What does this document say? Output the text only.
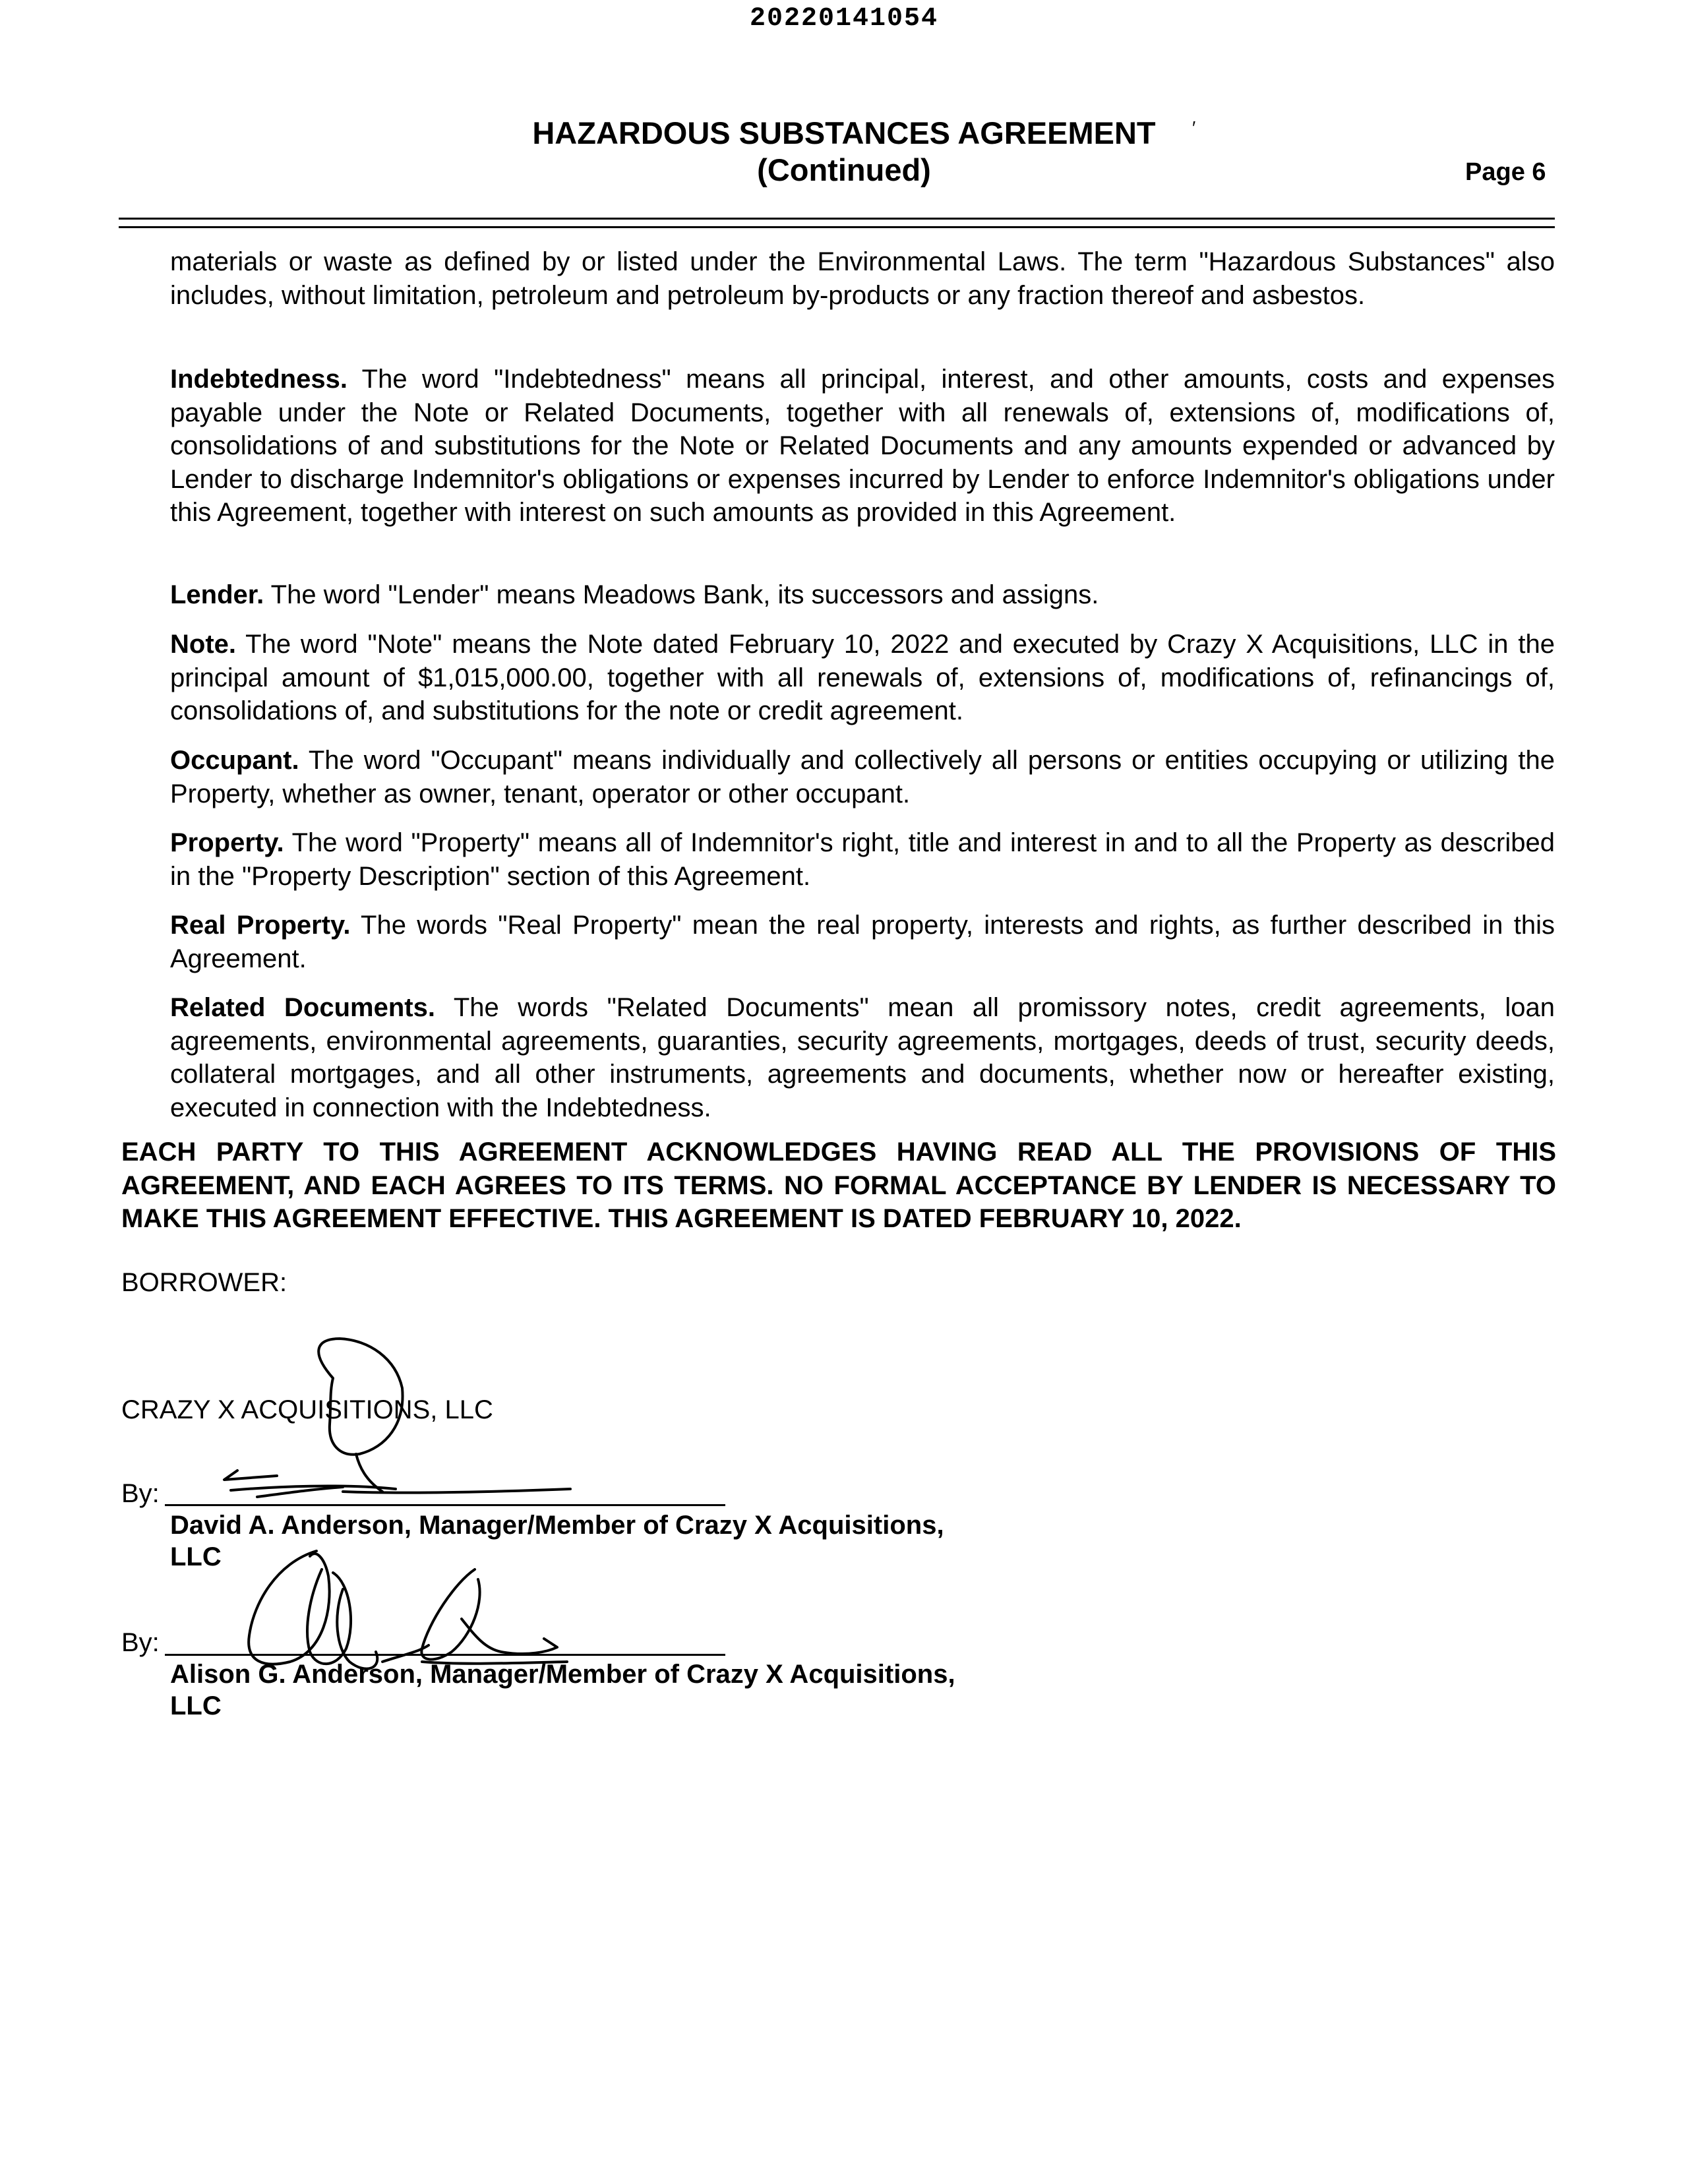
20220141054
HAZARDOUS SUBSTANCES AGREEMENT
(Continued)
′
Page 6

materials or waste as defined by or listed under the Environmental Laws. The term "Hazardous Substances" also includes, without limitation, petroleum and petroleum by-products or any fraction thereof and asbestos.

Indebtedness. The word "Indebtedness" means all principal, interest, and other amounts, costs and expenses payable under the Note or Related Documents, together with all renewals of, extensions of, modifications of, consolidations of and substitutions for the Note or Related Documents and any amounts expended or advanced by Lender to discharge Indemnitor's obligations or expenses incurred by Lender to enforce Indemnitor's obligations under this Agreement, together with interest on such amounts as provided in this Agreement.

Lender. The word "Lender" means Meadows Bank, its successors and assigns.

Note. The word "Note" means the Note dated February 10, 2022 and executed by Crazy X Acquisitions, LLC in the principal amount of $1,015,000.00, together with all renewals of, extensions of, modifications of, refinancings of, consolidations of, and substitutions for the note or credit agreement.

Occupant. The word "Occupant" means individually and collectively all persons or entities occupying or utilizing the Property, whether as owner, tenant, operator or other occupant.

Property. The word "Property" means all of Indemnitor's right, title and interest in and to all the Property as described in the "Property Description" section of this Agreement.

Real Property. The words "Real Property" mean the real property, interests and rights, as further described in this Agreement.

Related Documents. The words "Related Documents" mean all promissory notes, credit agreements, loan agreements, environmental agreements, guaranties, security agreements, mortgages, deeds of trust, security deeds, collateral mortgages, and all other instruments, agreements and documents, whether now or hereafter existing, executed in connection with the Indebtedness.

EACH PARTY TO THIS AGREEMENT ACKNOWLEDGES HAVING READ ALL THE PROVISIONS OF THIS AGREEMENT, AND EACH AGREES TO ITS TERMS. NO FORMAL ACCEPTANCE BY LENDER IS NECESSARY TO MAKE THIS AGREEMENT EFFECTIVE. THIS AGREEMENT IS DATED FEBRUARY 10, 2022.

BORROWER:
CRAZY X ACQUISITIONS, LLC
By:
David A. Anderson, Manager/Member of Crazy X Acquisitions,
LLC
By:
Alison G. Anderson, Manager/Member of Crazy X Acquisitions,
LLC
